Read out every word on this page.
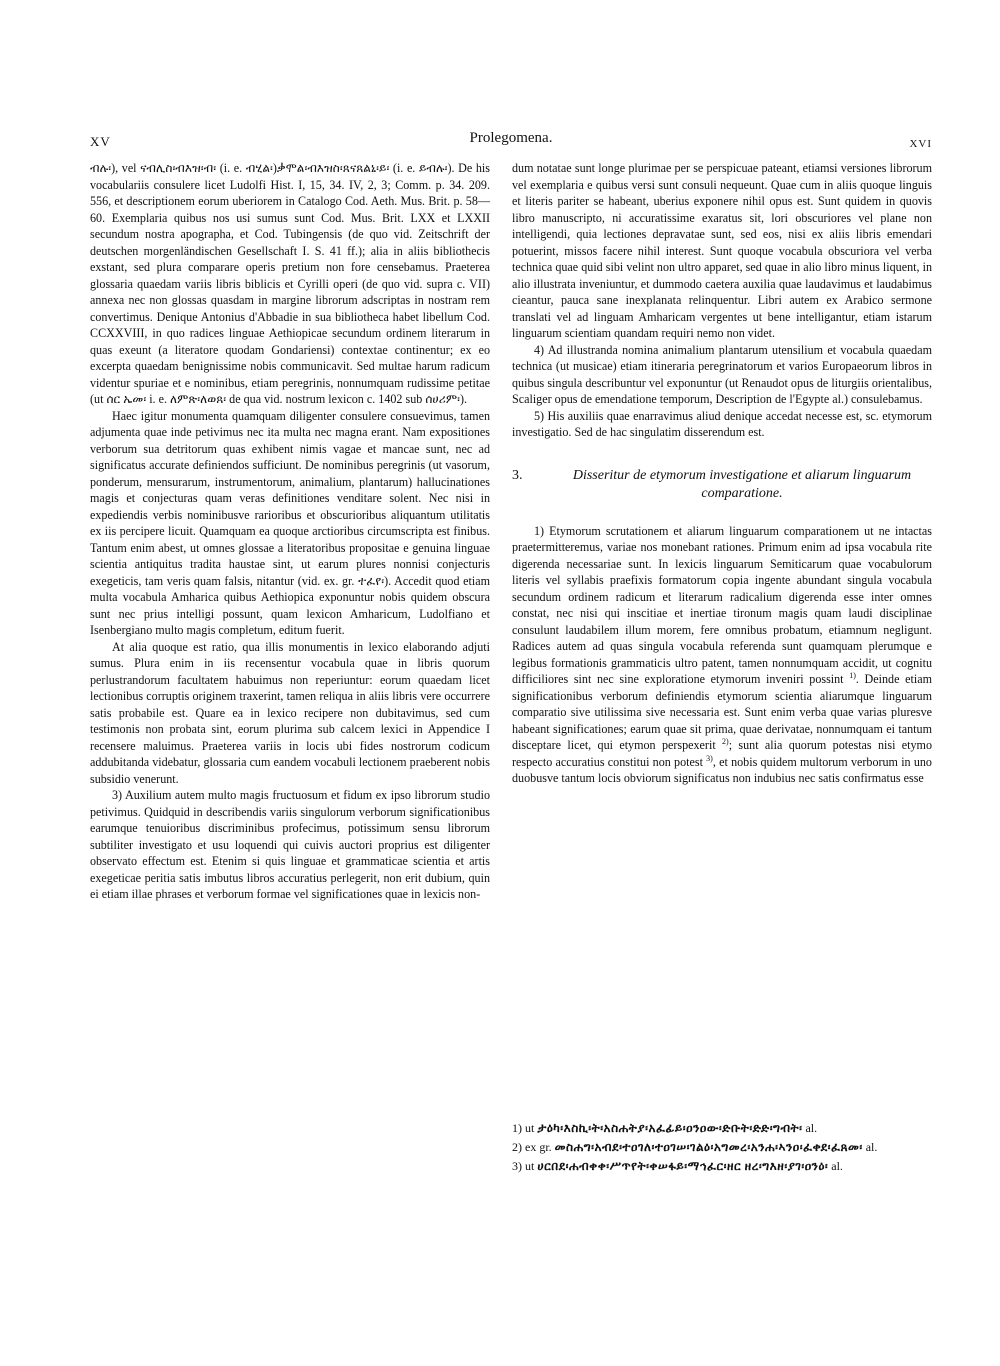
XV	Prolegomena.	XVI

ብሉ፡), vel ናብሊስ፡ብእዝ፡ብ፡ (i. e. ብሂል፡)ቃሞል፡ብእዝስ፡ጸናጸልኒ፡ይ፡ (i. e. ይብሉ፡). De his vocabulariis consulere licet Ludolfi Hist. I, 15, 34. IV, 2, 3; Comm. p. 34. 209. 556, et descriptionem eorum uberiorem in Catalogo Cod. Aeth. Mus. Brit. p. 58—60. Exemplaria quibus nos usi sumus sunt Cod. Mus. Brit. LXX et LXXII secundum nostra apographa, et Cod. Tubingensis (de quo vid. Zeitschrift der deutschen morgenländischen Gesellschaft I. S. 41 ff.); alia in aliis bibliothecis exstant, sed plura comparare operis pretium non fore censebamus. Praeterea glossaria quaedam variis libris biblicis et Cyrilli operi (de quo vid. supra c. VII) annexa nec non glossas quasdam in margine librorum adscriptas in nostram rem convertimus. Denique Antonius d'Abbadie in sua bibliotheca habet libellum Cod. CCXXVIII, in quo radices linguae Aethiopicae secundum ordinem literarum in quas exeunt (a literatore quodam Gondariensi) contextae continentur; ex eo excerpta quaedam benignissime nobis communicavit. Sed multae harum radicum videntur spuriae et e nominibus, etiam peregrinis, nonnumquam rudissime petitae (ut ሰር ኤመ፡ i. e. ለምጽ፡ለወጸ፡ de qua vid. nostrum lexicon c. 1402 sub ሰሀሪም፡).

Haec igitur monumenta quamquam diligenter consulere consuevimus, tamen adjumenta quae inde petivimus nec ita multa nec magna erant. Nam expositiones verborum sua detritorum quas exhibent nimis vagae et mancae sunt, nec ad significatus accurate definiendos sufficiunt. De nominibus peregrinis (ut vasorum, ponderum, mensurarum, instrumentorum, animalium, plantarum) hallucinationes magis et conjecturas quam veras definitiones venditare solent. Nec nisi in expediendis verbis nominibusve rarioribus et obscurioribus aliquantum utilitatis ex iis percipere licuit. Quamquam ea quoque arctioribus circumscripta est finibus. Tantum enim abest, ut omnes glossae a literatoribus propositae e genuina linguae scientia antiquitus tradita haustae sint, ut earum plures nonnisi conjecturis exegeticis, tam veris quam falsis, nitantur (vid. ex. gr. ተፈየ፡). Accedit quod etiam multa vocabula Amharica quibus Aethiopica exponuntur nobis quidem obscura sunt nec prius intelligi possunt, quam lexicon Amharicum, Ludolfiano et Isenbergiano multo magis completum, editum fuerit.

At alia quoque est ratio, qua illis monumentis in lexico elaborando adjuti sumus. Plura enim in iis recensentur vocabula quae in libris quorum perlustrandorum facultatem habuimus non reperiuntur: eorum quaedam licet lectionibus corruptis originem traxerint, tamen reliqua in aliis libris vere occurrere satis probabile est. Quare ea in lexico recipere non dubitavimus, sed cum testimonis non probata sint, eorum plurima sub calcem lexici in Appendice I recensere maluimus. Praeterea variis in locis ubi fides nostrorum codicum addubitanda videbatur, glossaria cum eandem vocabuli lectionem praeberent nobis subsidio venerunt.

3) Auxilium autem multo magis fructuosum et fidum ex ipso librorum studio petivimus. Quidquid in describendis variis singulorum verborum significationibus earumque tenuioribus discriminibus profecimus, potissimum sensu librorum subtiliter investigato et usu loquendi qui cuivis auctori proprius est diligenter observato effectum est. Etenim si quis linguae et grammaticae scientia et artis exegeticae peritia satis imbutus libros accuratius perlegerit, non erit dubium, quin ei etiam illae phrases et verborum formae vel significationes quae in lexicis non-

dum notatae sunt longe plurimae per se perspicuae pateant, etiamsi versiones librorum vel exemplaria e quibus versi sunt consuli nequeunt. Quae cum in aliis quoque linguis et literis pariter se habeant, uberius exponere nihil opus est. Sunt quidem in quovis libro manuscripto, ni accuratissime exaratus sit, lori obscuriores vel plane non intelligendi, quia lectiones depravatae sunt, sed eos, nisi ex aliis libris emendari potuerint, missos facere nihil interest. Sunt quoque vocabula obscuriora vel verba technica quae quid sibi velint non ultro apparet, sed quae in alio libro minus liquent, in alio illustrata inveniuntur, et dummodo caetera auxilia quae laudavimus et laudabimus cieantur, pauca sane inexplanata relinquentur. Libri autem ex Arabico sermone translati vel ad linguam Amharicam vergentes ut bene intelligantur, etiam istarum linguarum scientiam quandam requiri nemo non videt.

4) Ad illustranda nomina animalium plantarum utensilium et vocabula quaedam technica (ut musicae) etiam itineraria peregrinatorum et varios Europaeorum libros in quibus singula describuntur vel exponuntur (ut Renaudot opus de liturgiis orientalibus, Scaliger opus de emendatione temporum, Description de l'Egypte al.) consulebamus.

5) His auxiliis quae enarravimus aliud denique accedat necesse est, sc. etymorum investigatio. Sed de hac singulatim disserendum est.

3.	Disseritur de etymorum investigatione et aliarum linguarum comparatione.

1) Etymorum scrutationem et aliarum linguarum comparationem ut ne intactas praetermitteremus, variae nos monebant rationes. Primum enim ad ipsa vocabula rite digerenda necessariae sunt. In lexicis linguarum Semiticarum quae vocabulorum literis vel syllabis praefixis formatorum copia ingente abundant singula vocabula secundum ordinem radicum et literarum radicalium digerenda esse inter omnes constat, nec nisi qui inscitiae et inertiae tironum magis quam laudi disciplinae consulunt laudabilem illum morem, fere omnibus probatum, etiamnum negligunt. Radices autem ad quas singula vocabula referenda sunt quamquam plerumque e legibus formationis grammaticis ultro patent, tamen nonnumquam accidit, ut cognitu difficiliores sint nec sine exploratione etymorum inveniri possint $^{1)}$. Deinde etiam significationibus verborum definiendis etymorum scientia aliarumque linguarum comparatio sive utilissima sive necessaria est. Sunt enim verba quae varias pluresve habeant significationes; earum quae sit prima, quae derivatae, nonnumquam ei tantum disceptare licet, qui etymon perspexerit $^{2)}$; sunt alia quorum potestas nisi etymo respecto accuratius constitui non potest $^{3)}$, et nobis quidem multorum verborum in uno duobusve tantum locis obviorum significatus non indubius nec satis confirmatus esse

1) ut ታዕካ፡እስኪ፡ት፡አስሐትያ፡አፈፊይ፡ዐንዐው፡ድቡት፡ድድ፡ግብት፡ al.
2) ex gr. መስሐግ፡አብደ፡ተዐገለ፡ተዐገሠ፡ገልዕ፡አግመረ፡አንሐ፡ኣንዐ፡ፈቀደ፡ፈጸመ፡ al.
3) ut ሀርበደ፡ሐብቀቀ፡ሥጥየት፡ቀሠፋይ፡ማኅፈር፡ዘር ዘረ፡ግእዘ፡ያገ፡ዐንዕ፡ al.
